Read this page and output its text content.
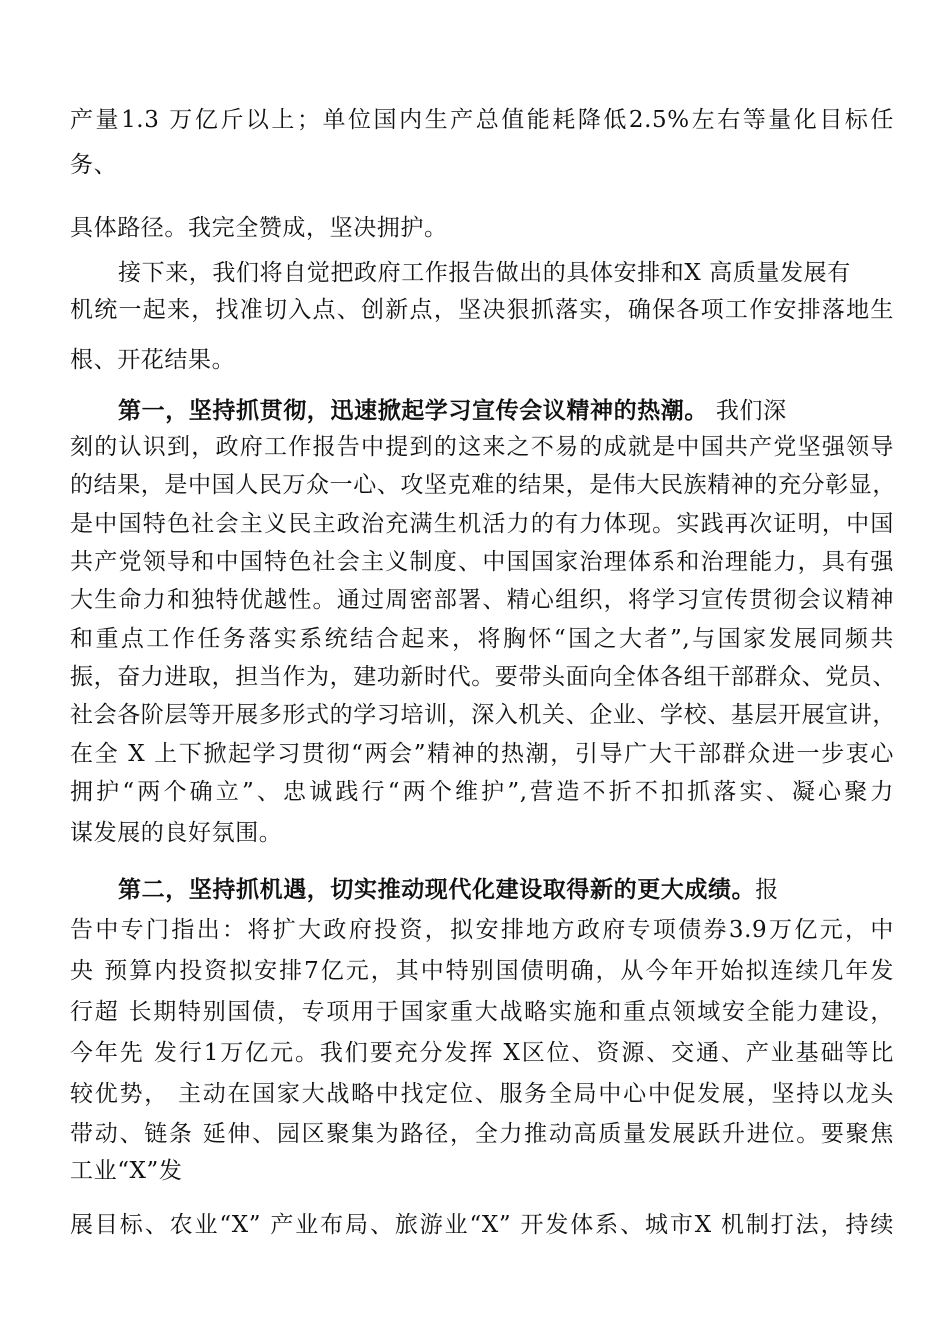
产量1.3 万亿斤以上；单位国内生产总值能耗降低2.5%左右等量化目标任
务、
具体路径。我完全赞成，坚决拥护。
接下来，我们将自觉把政府工作报告做出的具体安排和X 高质量发展有
机统一起来，找准切入点、创新点，坚决狠抓落实，确保各项工作安排落地生
根、开花结果。
第一，坚持抓贯彻，迅速掀起学习宣传会议精神的热潮。 我们深
刻的认识到，政府工作报告中提到的这来之不易的成就是中国共产党坚强领导
的结果，是中国人民万众一心、攻坚克难的结果，是伟大民族精神的充分彰显，
是中国特色社会主义民主政治充满生机活力的有力体现。实践再次证明，中国
共产党领导和中国特色社会主义制度、中国国家治理体系和治理能力，具有强
大生命力和独特优越性。通过周密部署、精心组织，将学习宣传贯彻会议精神
和重点工作任务落实系统结合起来，将胸怀“国之大者”,与国家发展同频共
振，奋力进取，担当作为，建功新时代。要带头面向全体各组干部群众、党员、
社会各阶层等开展多形式的学习培训，深入机关、企业、学校、基层开展宣讲，
在全 X 上下掀起学习贯彻“两会”精神的热潮，引导广大干部群众进一步衷心
拥护“两个确立”、忠诚践行“两个维护”,营造不折不扣抓落实、凝心聚力
谋发展的良好氛围。
第二，坚持抓机遇，切实推动现代化建设取得新的更大成绩。报
告中专门指出：将扩大政府投资，拟安排地方政府专项债券3.9万亿元，中
央 预算内投资拟安排7亿元，其中特别国债明确，从今年开始拟连续几年发
行超 长期特别国债，专项用于国家重大战略实施和重点领域安全能力建设，
今年先 发行1万亿元。我们要充分发挥 X区位、资源、交通、产业基础等比
较优势， 主动在国家大战略中找定位、服务全局中心中促发展，坚持以龙头
带动、链条 延伸、园区聚集为路径，全力推动高质量发展跃升进位。要聚焦
工业“X”发
展目标、农业“X” 产业布局、旅游业“X” 开发体系、城市X 机制打法，持续
